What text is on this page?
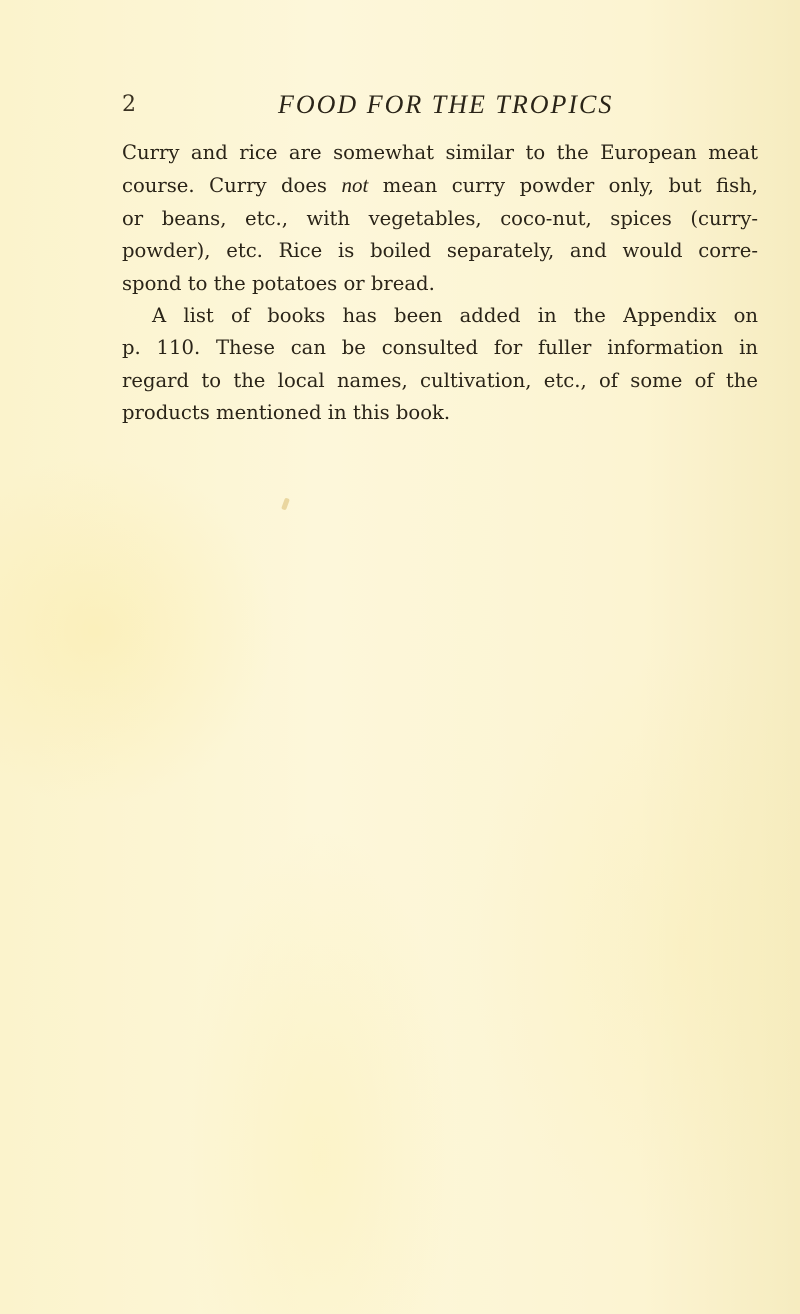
2	FOOD FOR THE TROPICS

Curry and rice are somewhat similar to the European meat
course. Curry does not mean curry powder only, but fish,
or beans, etc., with vegetables, coco-nut, spices (curry-
powder), etc. Rice is boiled separately, and would corre-
spond to the potatoes or bread.

A list of books has been added in the Appendix on
p. 110. These can be consulted for fuller information in
regard to the local names, cultivation, etc., of some of the
products mentioned in this book.
